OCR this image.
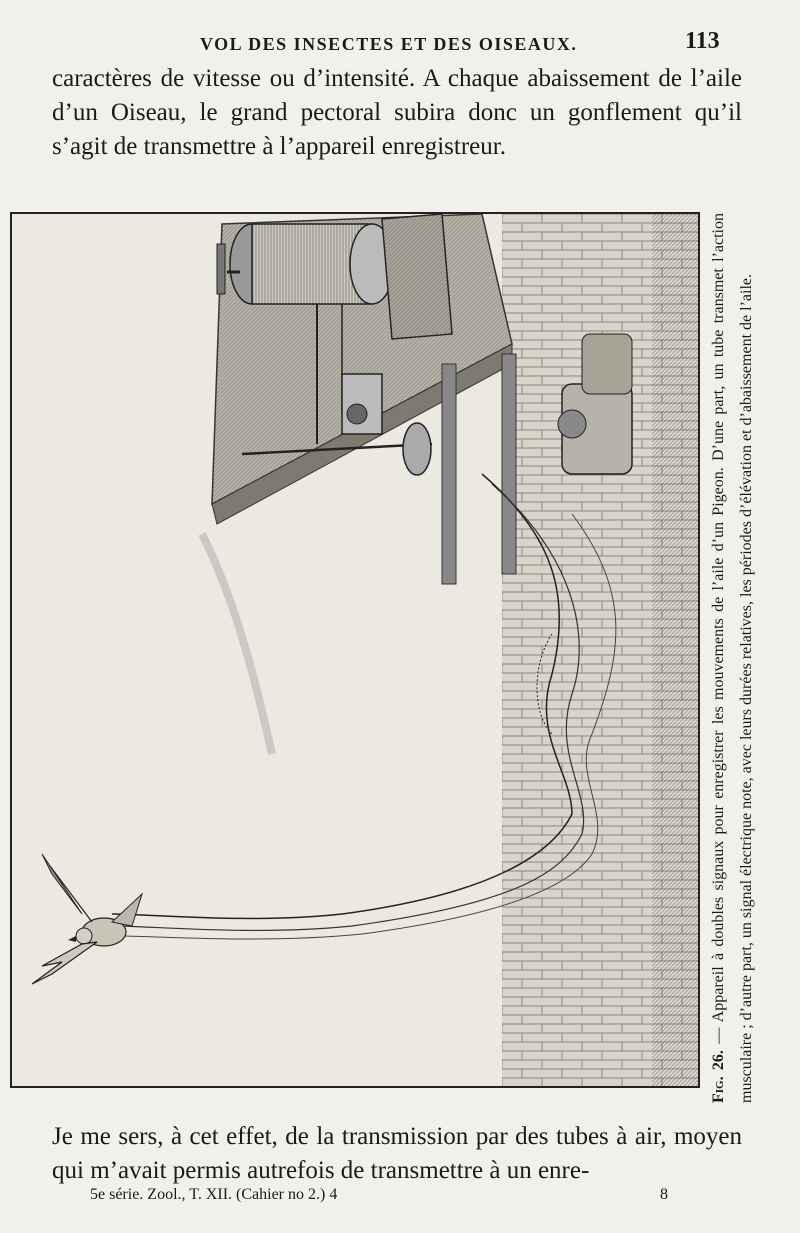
VOL DES INSECTES ET DES OISEAUX.	113

caractères de vitesse ou d’intensité. A chaque abaissement de l’aile d’un Oiseau, le grand pectoral subira donc un gonflement qu’il s’agit de transmettre à l’appareil enregistreur.

Fig. 26. — Appareil à doubles signaux pour enregistrer les mouvements de l’aile d’un Pigeon. D’une part, un tube transmet l’action musculaire ; d’autre part, un signal électrique note, avec leurs durées relatives, les périodes d’élévation et d’abaissement de l’aile.

Je me sers, à cet effet, de la transmission par des tubes à air, moyen qui m’avait permis autrefois de transmettre à un enre-

5e série. Zool., T. XII. (Cahier no 2.) 4	8
